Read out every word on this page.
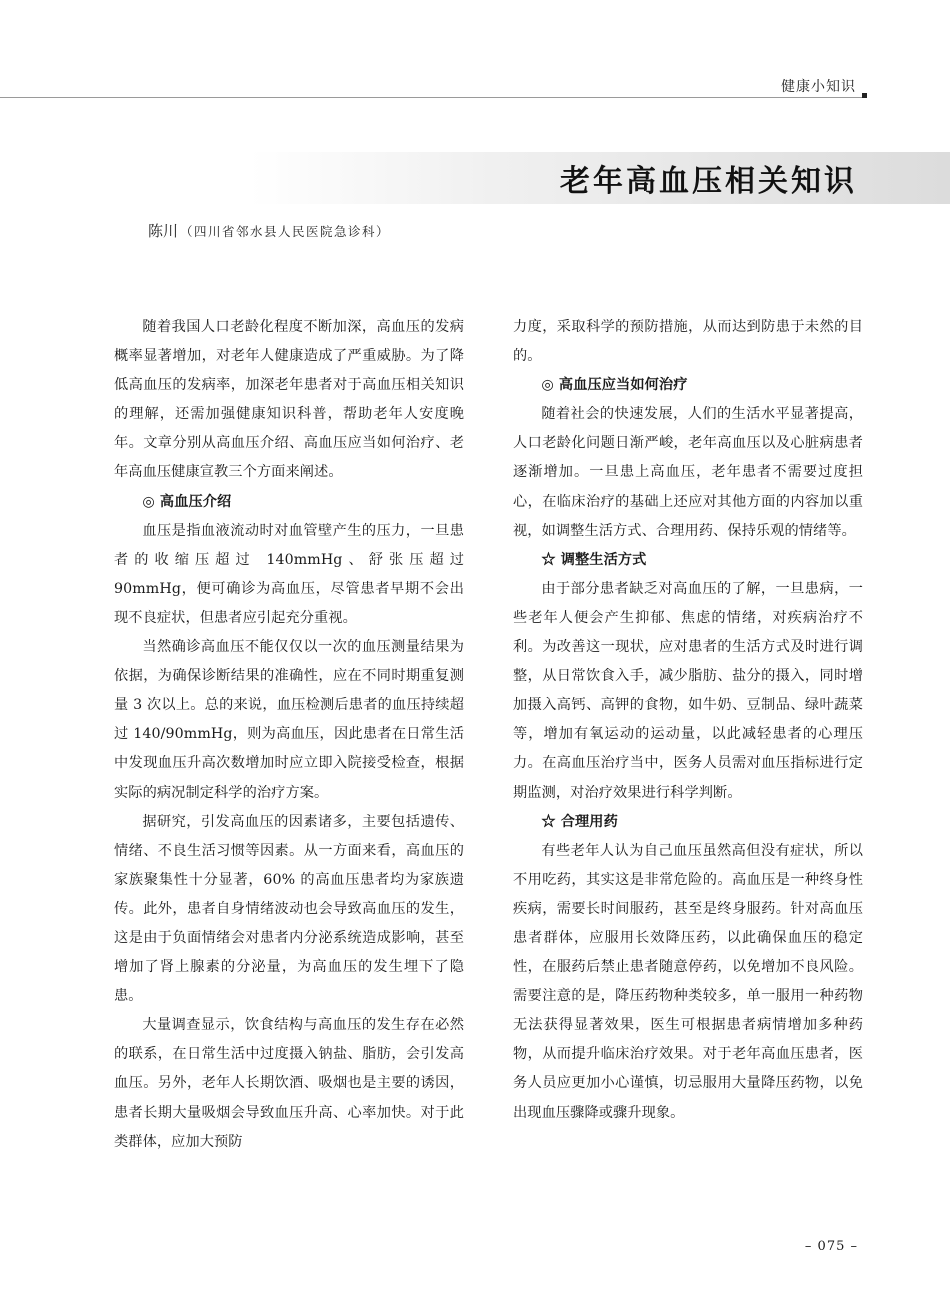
健康小知识
老年高血压相关知识
陈川 （四川省邻水县人民医院急诊科）

随着我国人口老龄化程度不断加深，高血压的发病概率显著增加，对老年人健康造成了严重威胁。为了降低高血压的发病率，加深老年患者对于高血压相关知识的理解，还需加强健康知识科普，帮助老年人安度晚年。文章分别从高血压介绍、高血压应当如何治疗、老年高血压健康宣教三个方面来阐述。

◎ 高血压介绍

血压是指血液流动时对血管壁产生的压力，一旦患者的收缩压超过 140mmHg、舒张压超过 90mmHg，便可确诊为高血压，尽管患者早期不会出现不良症状，但患者应引起充分重视。

当然确诊高血压不能仅仅以一次的血压测量结果为依据，为确保诊断结果的准确性，应在不同时期重复测量 3 次以上。总的来说，血压检测后患者的血压持续超过 140/90mmHg，则为高血压，因此患者在日常生活中发现血压升高次数增加时应立即入院接受检查，根据实际的病况制定科学的治疗方案。

据研究，引发高血压的因素诸多，主要包括遗传、情绪、不良生活习惯等因素。从一方面来看，高血压的家族聚集性十分显著，60% 的高血压患者均为家族遗传。此外，患者自身情绪波动也会导致高血压的发生，这是由于负面情绪会对患者内分泌系统造成影响，甚至增加了肾上腺素的分泌量，为高血压的发生埋下了隐患。

大量调查显示，饮食结构与高血压的发生存在必然的联系，在日常生活中过度摄入钠盐、脂肪，会引发高血压。另外，老年人长期饮酒、吸烟也是主要的诱因，患者长期大量吸烟会导致血压升高、心率加快。对于此类群体，应加大预防

力度，采取科学的预防措施，从而达到防患于未然的目的。

◎ 高血压应当如何治疗

随着社会的快速发展，人们的生活水平显著提高，人口老龄化问题日渐严峻，老年高血压以及心脏病患者逐渐增加。一旦患上高血压，老年患者不需要过度担心，在临床治疗的基础上还应对其他方面的内容加以重视，如调整生活方式、合理用药、保持乐观的情绪等。

☆ 调整生活方式

由于部分患者缺乏对高血压的了解，一旦患病，一些老年人便会产生抑郁、焦虑的情绪，对疾病治疗不利。为改善这一现状，应对患者的生活方式及时进行调整，从日常饮食入手，减少脂肪、盐分的摄入，同时增加摄入高钙、高钾的食物，如牛奶、豆制品、绿叶蔬菜等，增加有氧运动的运动量，以此减轻患者的心理压力。在高血压治疗当中，医务人员需对血压指标进行定期监测，对治疗效果进行科学判断。

☆ 合理用药

有些老年人认为自己血压虽然高但没有症状，所以不用吃药，其实这是非常危险的。高血压是一种终身性疾病，需要长时间服药，甚至是终身服药。针对高血压患者群体，应服用长效降压药，以此确保血压的稳定性，在服药后禁止患者随意停药，以免增加不良风险。需要注意的是，降压药物种类较多，单一服用一种药物无法获得显著效果，医生可根据患者病情增加多种药物，从而提升临床治疗效果。对于老年高血压患者，医务人员应更加小心谨慎，切忌服用大量降压药物，以免出现血压骤降或骤升现象。

– 075 –
